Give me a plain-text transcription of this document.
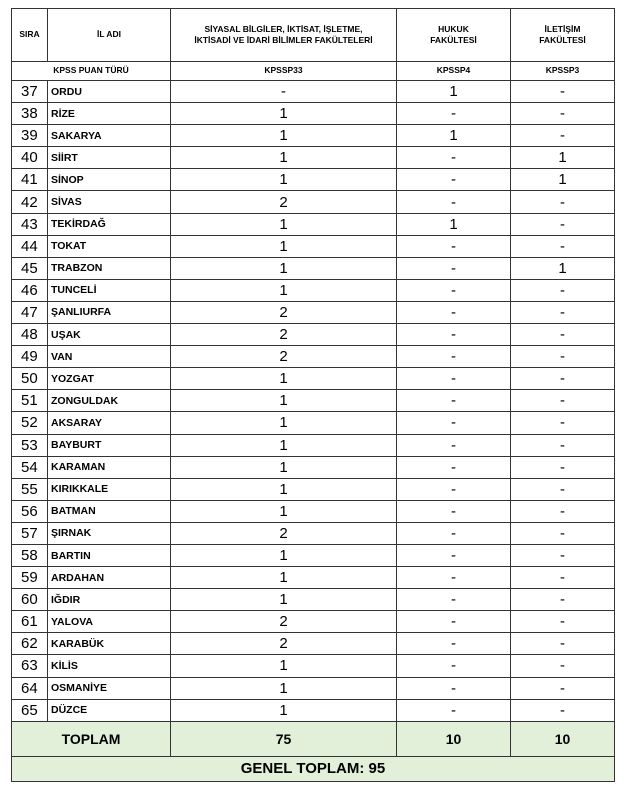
SIRA	İL ADI	SİYASAL BİLGİLER, İKTİSAT, İŞLETME,
İKTİSADİ VE İDARİ BİLİMLER FAKÜLTELERİ	HUKUK
FAKÜLTESİ	İLETİŞİM
FAKÜLTESİ
KPSS PUAN TÜRÜ		KPSSP33	KPSSP4	KPSSP3
37	ORDU	-	1	-
38	RİZE	1	-	-
39	SAKARYA	1	1	-
40	SİİRT	1	-	1
41	SİNOP	1	-	1
42	SİVAS	2	-	-
43	TEKİRDAĞ	1	1	-
44	TOKAT	1	-	-
45	TRABZON	1	-	1
46	TUNCELİ	1	-	-
47	ŞANLIURFA	2	-	-
48	UŞAK	2	-	-
49	VAN	2	-	-
50	YOZGAT	1	-	-
51	ZONGULDAK	1	-	-
52	AKSARAY	1	-	-
53	BAYBURT	1	-	-
54	KARAMAN	1	-	-
55	KIRIKKALE	1	-	-
56	BATMAN	1	-	-
57	ŞIRNAK	2	-	-
58	BARTIN	1	-	-
59	ARDAHAN	1	-	-
60	IĞDIR	1	-	-
61	YALOVA	2	-	-
62	KARABÜK	2	-	-
63	KİLİS	1	-	-
64	OSMANİYE	1	-	-
65	DÜZCE	1	-	-
TOPLAM		75	10	10
GENEL TOPLAM: 95				
